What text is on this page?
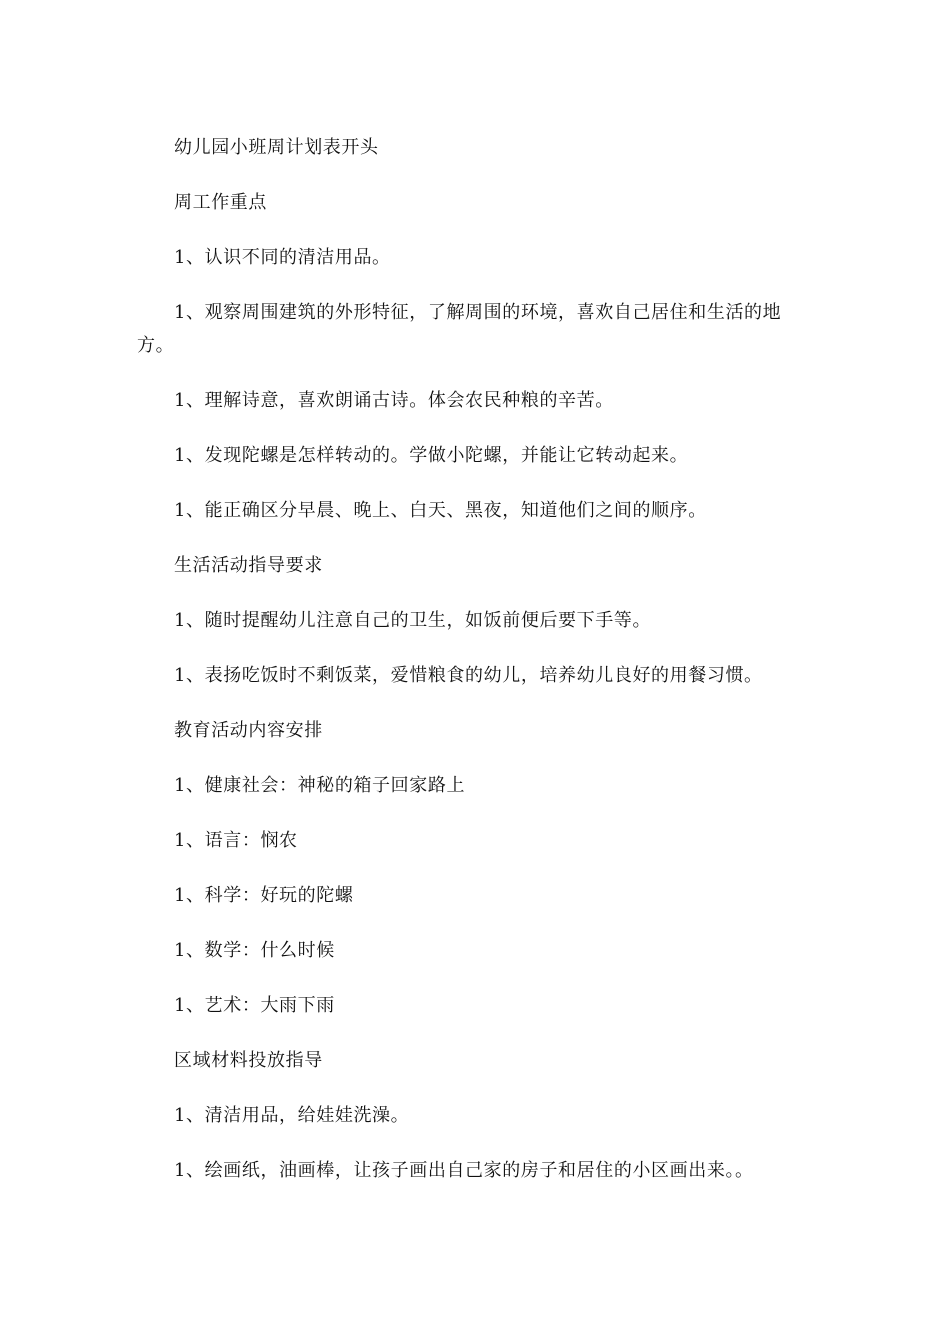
幼儿园小班周计划表开头

周工作重点

1、认识不同的清洁用品。

1、观察周围建筑的外形特征，了解周围的环境，喜欢自己居住和生活的地方。

1、理解诗意，喜欢朗诵古诗。体会农民种粮的辛苦。

1、发现陀螺是怎样转动的。学做小陀螺，并能让它转动起来。

1、能正确区分早晨、晚上、白天、黑夜，知道他们之间的顺序。

生活活动指导要求

1、随时提醒幼儿注意自己的卫生，如饭前便后要下手等。

1、表扬吃饭时不剩饭菜，爱惜粮食的幼儿，培养幼儿良好的用餐习惯。

教育活动内容安排

1、健康社会：神秘的箱子回家路上

1、语言：悯农

1、科学：好玩的陀螺

1、数学：什么时候

1、艺术：大雨下雨

区域材料投放指导

1、清洁用品，给娃娃洗澡。

1、绘画纸，油画棒，让孩子画出自己家的房子和居住的小区画出来。。
